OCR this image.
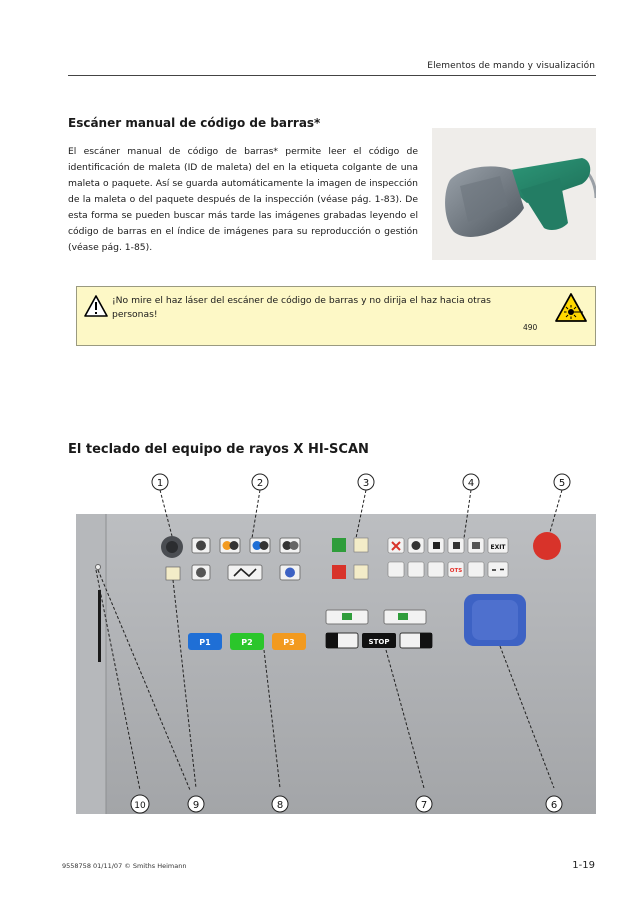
Elementos de mando y visualización
Escáner manual de código de barras*
El escáner manual de código de barras* permite leer el código de identificación de maleta (ID de maleta) del en la etiqueta colgante de una maleta o paquete. Así se guarda automáticamente la imagen de inspección de la maleta o del paquete después de la inspección (véase pág. 1-83). De esta forma se pueden buscar más tarde las imágenes grabadas leyendo el código de barras en el índice de imágenes para su reproducción o gestión (véase pág. 1-85).
¡No mire el haz láser del escáner de código de barras y no dirija el haz hacia otras personas!
490
El teclado del equipo de rayos X HI-SCAN
EXIT
OTS
STOP
P1	P2	P3
1	2	3	4	5
6
7
8
9
10
9558758 01/11/07 © Smiths Heimann	1-19
